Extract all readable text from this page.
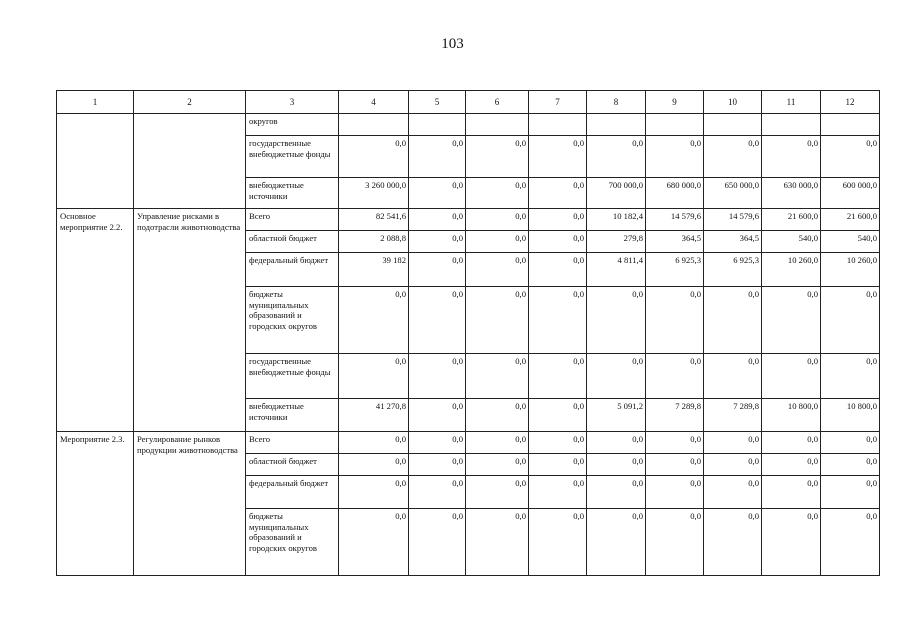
103
1	2	3	4	5	6	7	8	9	10	11	12
		округов									
		государственные внебюджетные фонды	0,0	0,0	0,0	0,0	0,0	0,0	0,0	0,0	0,0
		внебюджетные источники	3 260 000,0	0,0	0,0	0,0	700 000,0	680 000,0	650 000,0	630 000,0	600 000,0
Основное мероприятие 2.2.	Управление рисками в подотрасли животноводства	Всего	82 541,6	0,0	0,0	0,0	10 182,4	14 579,6	14 579,6	21 600,0	21 600,0
		областной бюджет	2 088,8	0,0	0,0	0,0	279,8	364,5	364,5	540,0	540,0
		федеральный бюджет	39 182	0,0	0,0	0,0	4 811,4	6 925,3	6 925,3	10 260,0	10 260,0
		бюджеты муниципальных образований и городских округов	0,0	0,0	0,0	0,0	0,0	0,0	0,0	0,0	0,0
		государственные внебюджетные фонды	0,0	0,0	0,0	0,0	0,0	0,0	0,0	0,0	0,0
		внебюджетные источники	41 270,8	0,0	0,0	0,0	5 091,2	7 289,8	7 289,8	10 800,0	10 800,0
Мероприятие 2.3.	Регулирование рынков продукции животноводства	Всего	0,0	0,0	0,0	0,0	0,0	0,0	0,0	0,0	0,0
		областной бюджет	0,0	0,0	0,0	0,0	0,0	0,0	0,0	0,0	0,0
		федеральный бюджет	0,0	0,0	0,0	0,0	0,0	0,0	0,0	0,0	0,0
		бюджеты муниципальных образований и городских округов	0,0	0,0	0,0	0,0	0,0	0,0	0,0	0,0	0,0
